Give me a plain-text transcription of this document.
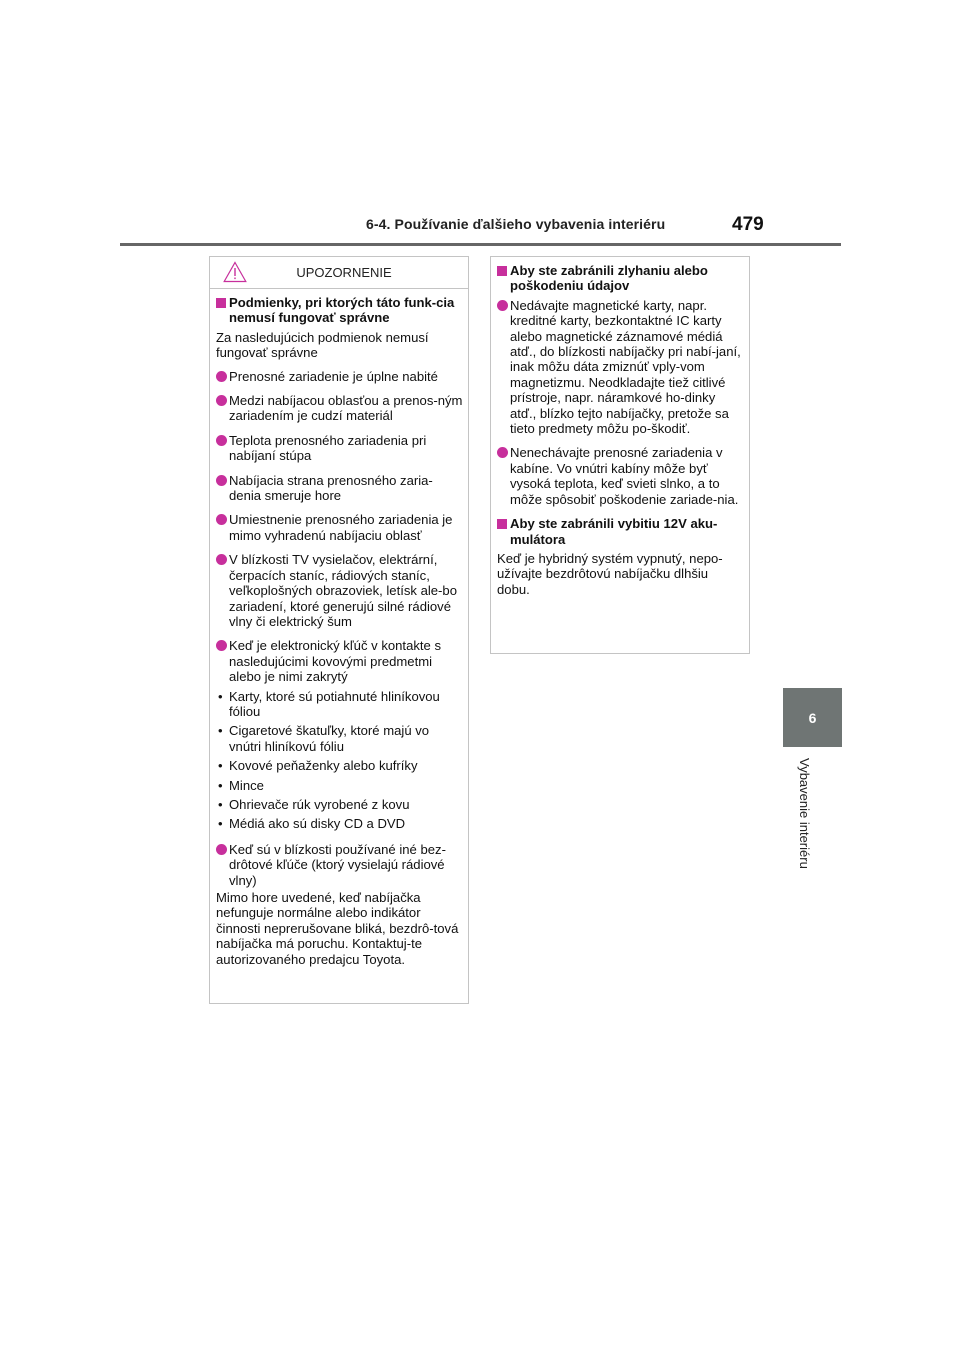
6-4. Používanie ďalšieho vybavenia interiéru	479
6
Vybavenie interiéru
UPOZORNENIE
Podmienky, pri ktorých táto funk-cia nemusí fungovať správne
Za nasledujúcich podmienok nemusí fungovať správne
Prenosné zariadenie je úplne nabité
Medzi nabíjacou oblasťou a prenos-ným zariadením je cudzí materiál
Teplota prenosného zariadenia pri nabíjaní stúpa
Nabíjacia strana prenosného zaria-denia smeruje hore
Umiestnenie prenosného zariadenia je mimo vyhradenú nabíjaciu oblasť
V blízkosti TV vysielačov, elektrární, čerpacích staníc, rádiových staníc, veľkoplošných obrazoviek, letísk ale-bo zariadení, ktoré generujú silné rádiové vlny či elektrický šum
Keď je elektronický kľúč v kontakte s nasledujúcimi kovovými predmetmi alebo je nimi zakrytý
• Karty, ktoré sú potiahnuté hliníkovou fóliou
• Cigaretové škatuľky, ktoré majú vo vnútri hliníkovú fóliu
• Kovové peňaženky alebo kufríky
• Mince
• Ohrievače rúk vyrobené z kovu
• Médiá ako sú disky CD a DVD
Keď sú v blízkosti používané iné bez-drôtové kľúče (ktorý vysielajú rádiové vlny)
Mimo hore uvedené, keď nabíjačka nefunguje normálne alebo indikátor činnosti neprerušovane bliká, bezdrô-tová nabíjačka má poruchu. Kontaktuj-te autorizovaného predajcu Toyota.
Aby ste zabránili zlyhaniu alebo poškodeniu údajov
Nedávajte magnetické karty, napr. kreditné karty, bezkontaktné IC karty alebo magnetické záznamové médiá atď., do blízkosti nabíjačky pri nabí-janí, inak môžu dáta zmiznúť vply-vom magnetizmu. Neodkladajte tiež citlivé prístroje, napr. náramkové ho-dinky atď., blízko tejto nabíjačky, pretože sa tieto predmety môžu po-škodiť.
Nenechávajte prenosné zariadenia v kabíne. Vo vnútri kabíny môže byť vysoká teplota, keď svieti slnko, a to môže spôsobiť poškodenie zariade-nia.
Aby ste zabránili vybitiu 12V aku-mulátora
Keď je hybridný systém vypnutý, nepo-užívajte bezdrôtovú nabíjačku dlhšiu dobu.
